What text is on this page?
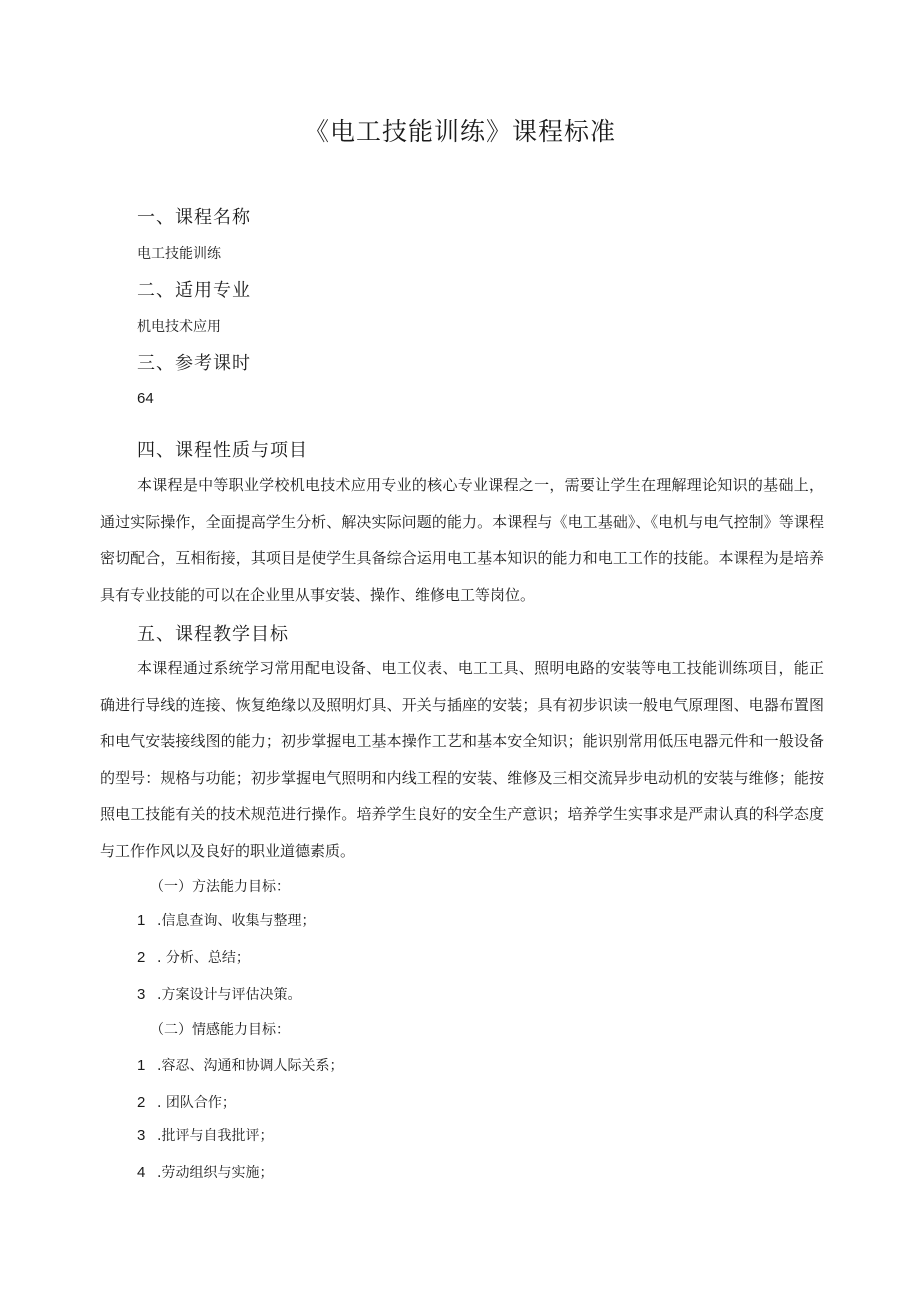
《电工技能训练》课程标准
一、课程名称
电工技能训练
二、适用专业
机电技术应用
三、参考课时
64
四、课程性质与项目

本课程是中等职业学校机电技术应用专业的核心专业课程之一，需要让学生在理解理论知识的基础上，通过实际操作，全面提高学生分析、解决实际问题的能力。本课程与《电工基础》、《电机与电气控制》等课程密切配合，互相衔接，其项目是使学生具备综合运用电工基本知识的能力和电工工作的技能。本课程为是培养具有专业技能的可以在企业里从事安装、操作、维修电工等岗位。

五、课程教学目标

本课程通过系统学习常用配电设备、电工仪表、电工工具、照明电路的安装等电工技能训练项目，能正确进行导线的连接、恢复绝缘以及照明灯具、开关与插座的安装；具有初步识读一般电气原理图、电器布置图和电气安装接线图的能力；初步掌握电工基本操作工艺和基本安全知识；能识别常用低压电器元件和一般设备的型号：规格与功能；初步掌握电气照明和内线工程的安装、维修及三相交流异步电动机的安装与维修；能按照电工技能有关的技术规范进行操作。培养学生良好的安全生产意识；培养学生实事求是严肃认真的科学态度与工作作风以及良好的职业道德素质。

（一）方法能力目标：
1 .信息查询、收集与整理；
2 . 分析、总结；
3 .方案设计与评估决策。
（二）情感能力目标：
1 .容忍、沟通和协调人际关系；
2 . 团队合作；
3 .批评与自我批评；
4 .劳动组织与实施；
